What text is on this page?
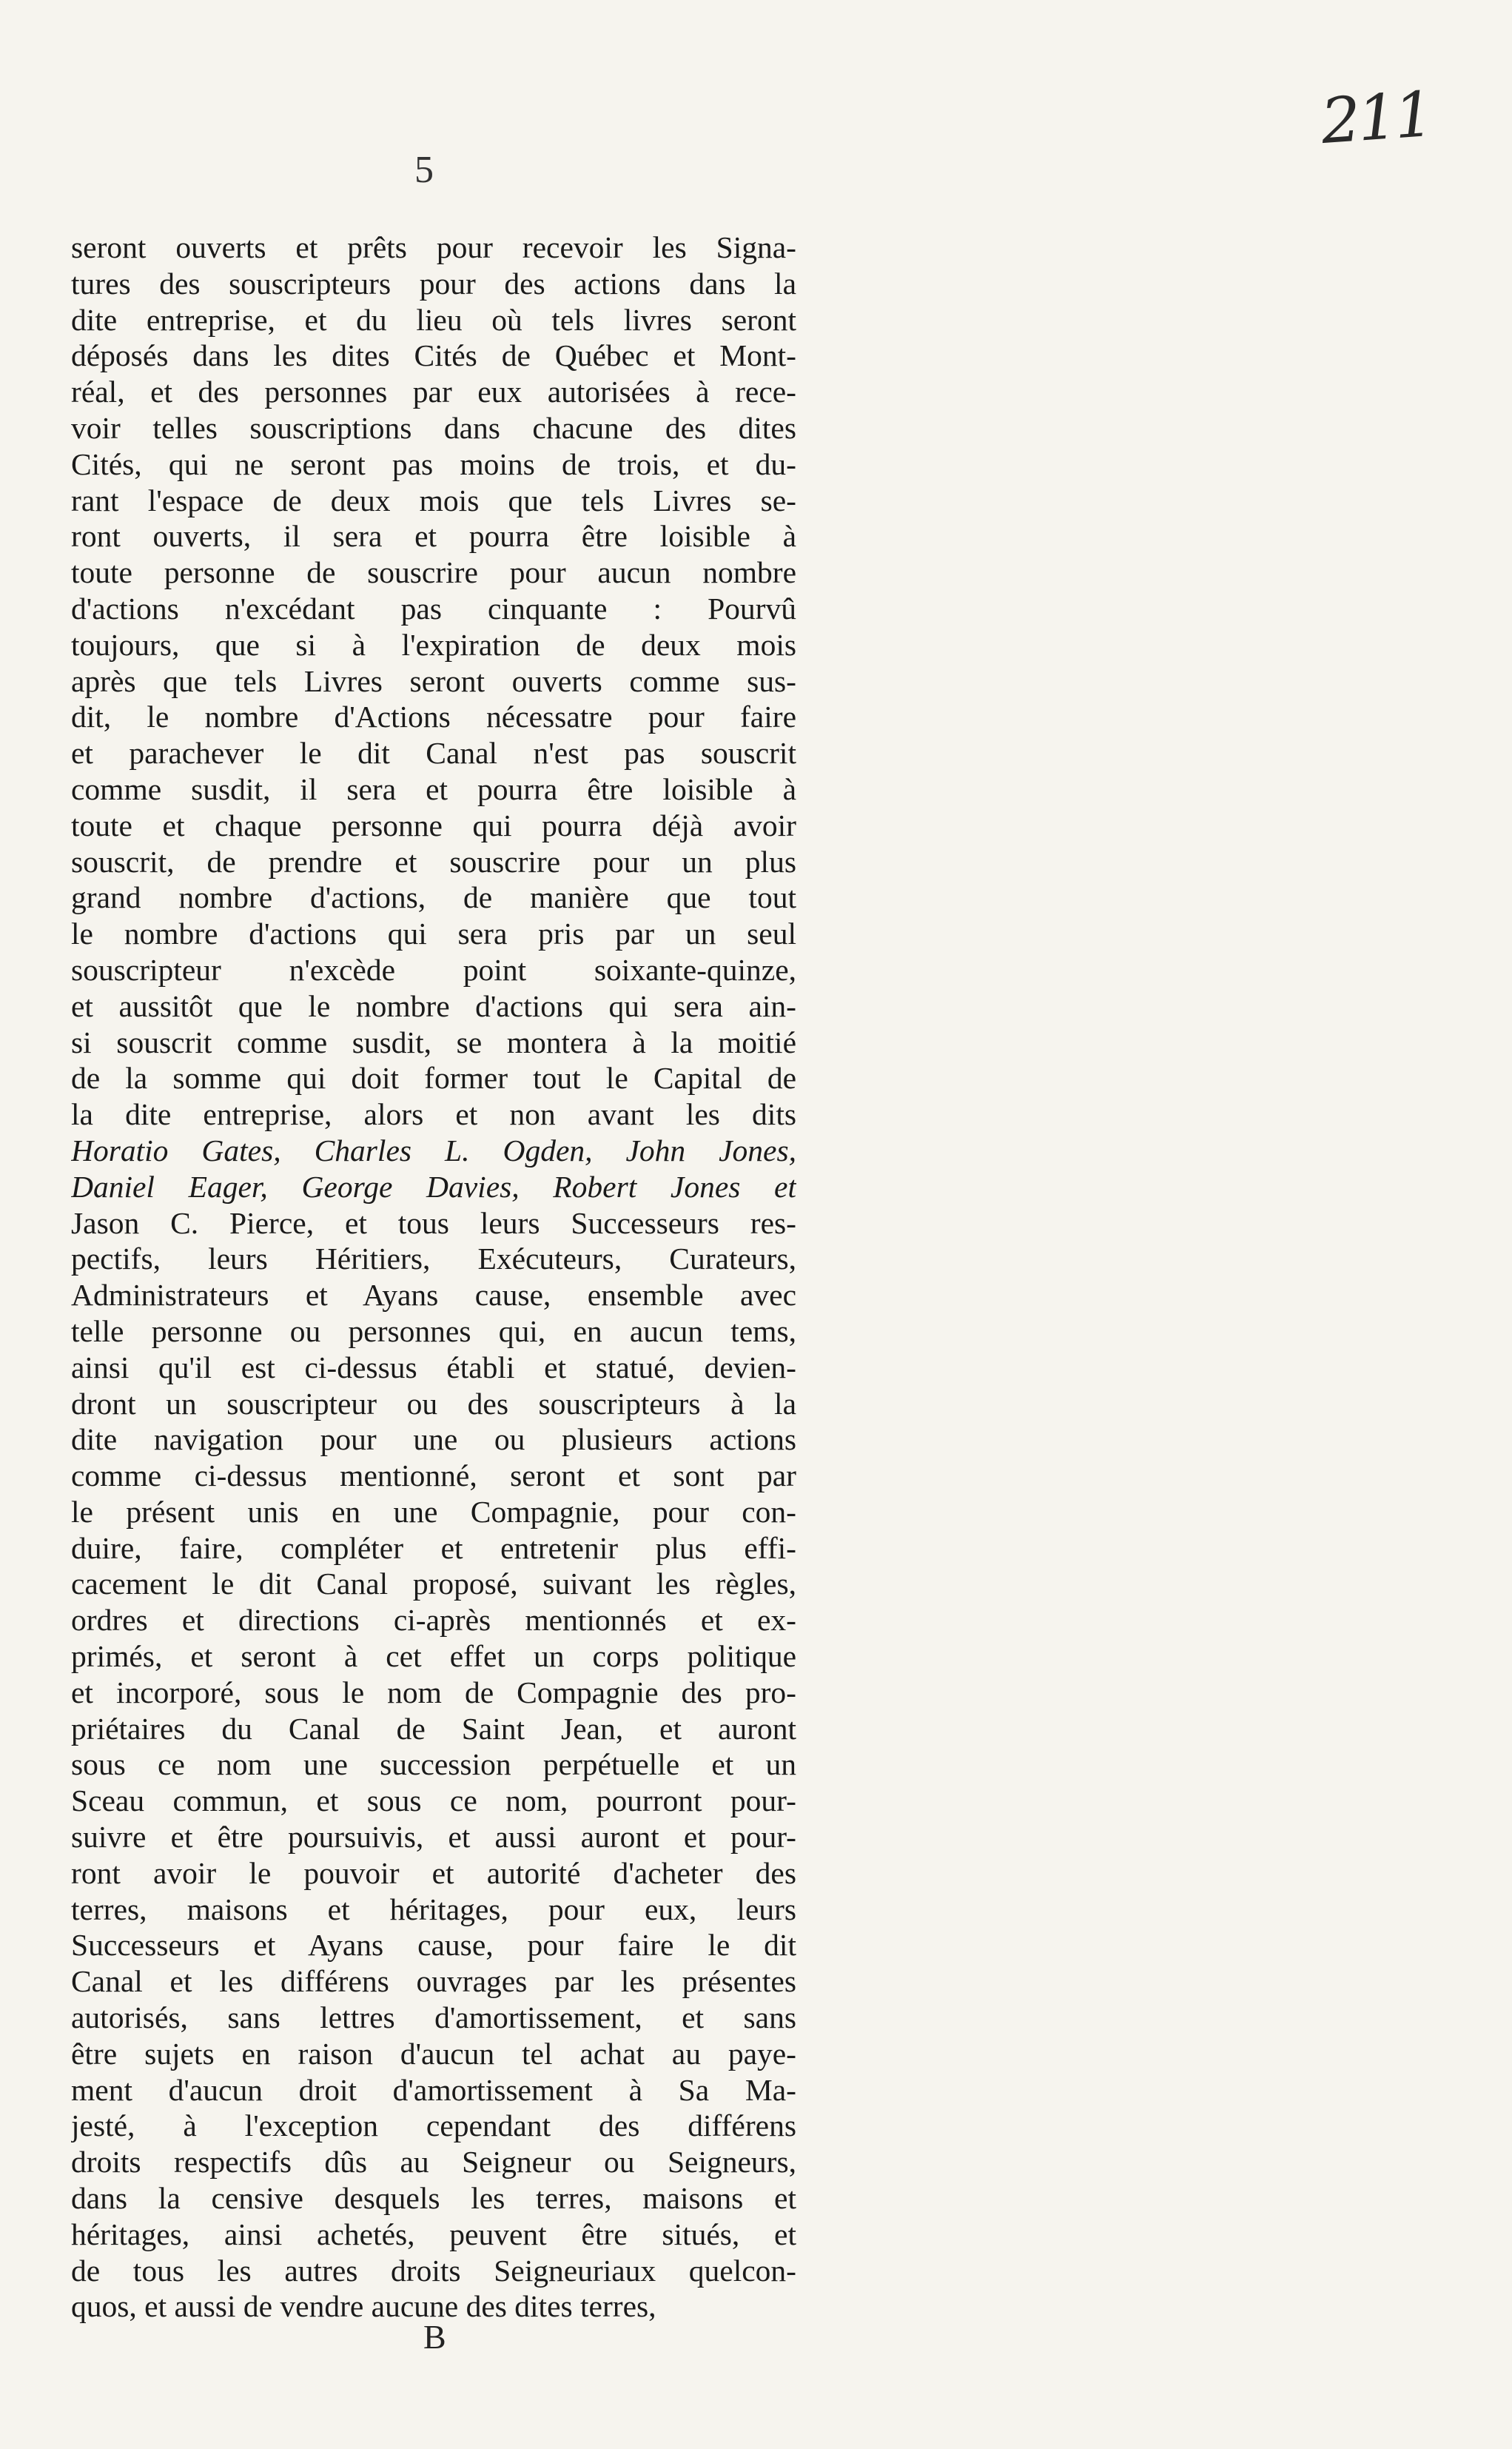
211
5
seront ouverts et prêts pour recevoir les Signa-
tures des souscripteurs pour des actions dans la
dite entreprise, et du lieu où tels livres seront
déposés dans les dites Cités de Québec et Mont-
réal, et des personnes par eux autorisées à rece-
voir telles souscriptions dans chacune des dites
Cités, qui ne seront pas moins de trois, et du-
rant l'espace de deux mois que tels Livres se-
ront ouverts, il sera et pourra être loisible à
toute personne de souscrire pour aucun nombre
d'actions n'excédant pas cinquante : Pourvû
toujours, que si à l'expiration de deux mois
après que tels Livres seront ouverts comme sus-
dit, le nombre d'Actions nécessatre pour faire
et parachever le dit Canal n'est pas souscrit
comme susdit, il sera et pourra être loisible à
toute et chaque personne qui pourra déjà avoir
souscrit, de prendre et souscrire pour un plus
grand nombre d'actions, de manière que tout
le nombre d'actions qui sera pris par un seul
souscripteur n'excède point soixante-quinze,
et aussitôt que le nombre d'actions qui sera ain-
si souscrit comme susdit, se montera à la moitié
de la somme qui doit former tout le Capital de
la dite entreprise, alors et non avant les dits
Horatio Gates, Charles L. Ogden, John Jones,
Daniel Eager, George Davies, Robert Jones et
Jason C. Pierce, et tous leurs Successeurs res-
pectifs, leurs Héritiers, Exécuteurs, Curateurs,
Administrateurs et Ayans cause, ensemble avec
telle personne ou personnes qui, en aucun tems,
ainsi qu'il est ci-dessus établi et statué, devien-
dront un souscripteur ou des souscripteurs à la
dite navigation pour une ou plusieurs actions
comme ci-dessus mentionné, seront et sont par
le présent unis en une Compagnie, pour con-
duire, faire, compléter et entretenir plus effi-
cacement le dit Canal proposé, suivant les règles,
ordres et directions ci-après mentionnés et ex-
primés, et seront à cet effet un corps politique
et incorporé, sous le nom de Compagnie des pro-
priétaires du Canal de Saint Jean, et auront
sous ce nom une succession perpétuelle et un
Sceau commun, et sous ce nom, pourront pour-
suivre et être poursuivis, et aussi auront et pour-
ront avoir le pouvoir et autorité d'acheter des
terres, maisons et héritages, pour eux, leurs
Successeurs et Ayans cause, pour faire le dit
Canal et les différens ouvrages par les présentes
autorisés, sans lettres d'amortissement, et sans
être sujets en raison d'aucun tel achat au paye-
ment d'aucun droit d'amortissement à Sa Ma-
jesté, à l'exception cependant des différens
droits respectifs dûs au Seigneur ou Seigneurs,
dans la censive desquels les terres, maisons et
héritages, ainsi achetés, peuvent être situés, et
de tous les autres droits Seigneuriaux quelcon-
quos, et aussi de vendre aucune des dites terres,
B
